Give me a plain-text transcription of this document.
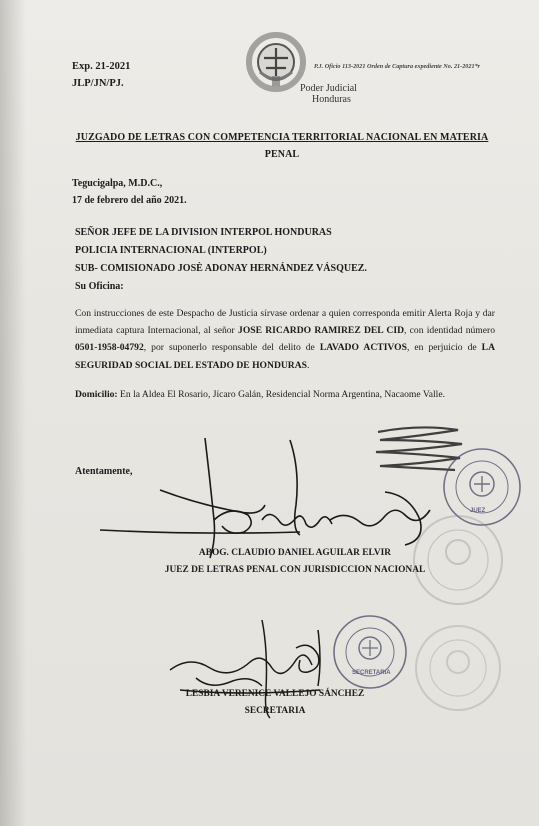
Exp. 21-2021
JLP/JN/PJ.
P.J. Oficio 113-2021 Orden de Captura expediente No. 21-2021*r
Poder Judicial
Honduras
JUZGADO DE LETRAS CON COMPETENCIA TERRITORIAL NACIONAL EN MATERIA
PENAL
Tegucigalpa, M.D.C.,
17 de febrero del año 2021.
SEÑOR JEFE DE LA DIVISION INTERPOL HONDURAS
POLICIA INTERNACIONAL (INTERPOL)
SUB- COMISIONADO JOSÈ ADONAY HERNÁNDEZ VÁSQUEZ.
Su Oficina:
Con instrucciones de este Despacho de Justicia sírvase ordenar a quien corresponda emitir Alerta Roja y dar inmediata captura Internacional, al señor JOSE RICARDO RAMIREZ DEL CID, con identidad número 0501-1958-04792, por suponerlo responsable del delito de LAVADO ACTIVOS, en perjuicio de LA SEGURIDAD SOCIAL DEL ESTADO DE HONDURAS.
Domicilio: En la Aldea El Rosario, Jícaro Galán, Residencial Norma Argentina, Nacaome Valle.
Atentamente,
ABOG. CLAUDIO DANIEL AGUILAR ELVIR
JUEZ DE LETRAS PENAL CON JURISDICCION NACIONAL
LESBIA VERENICE VALLEJO SÁNCHEZ
SECRETARIA
JUEZ
SECRETARIA
